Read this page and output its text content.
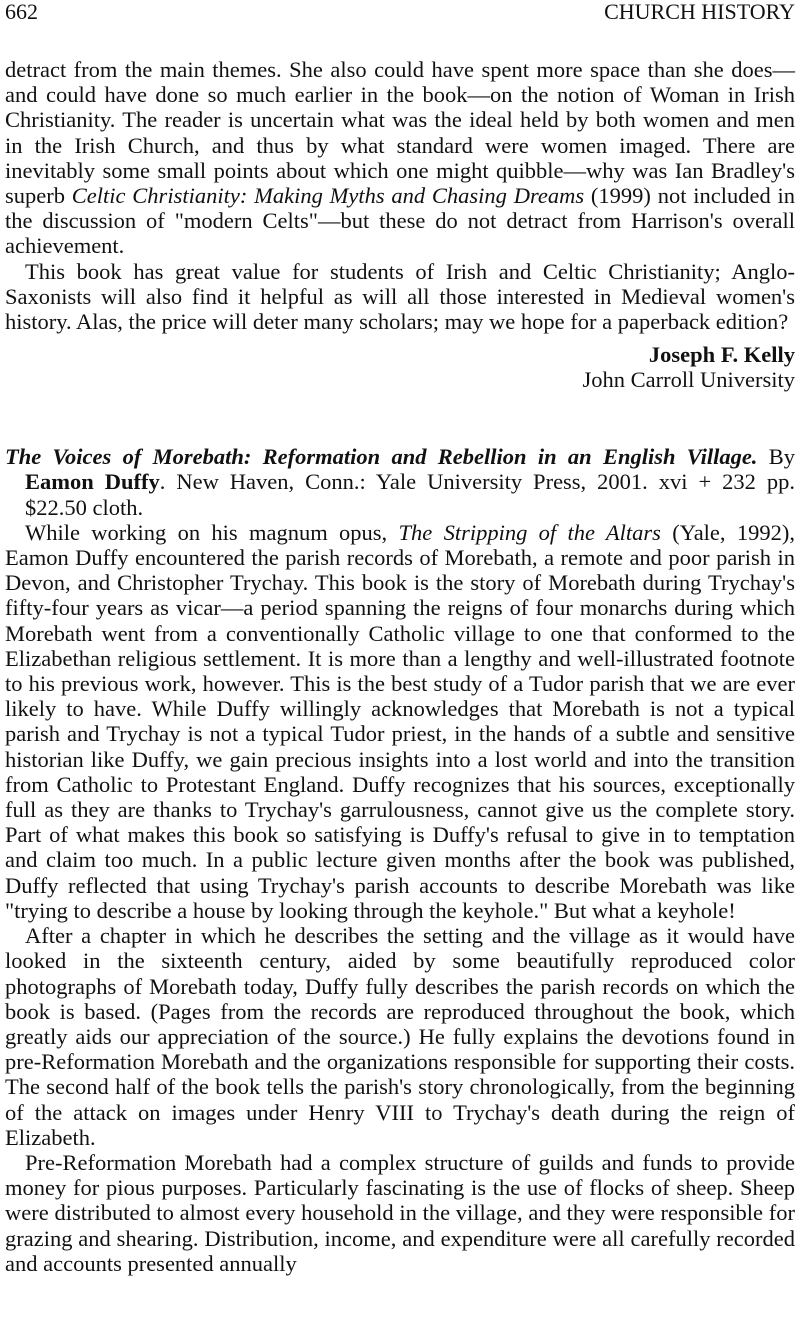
662	CHURCH HISTORY

detract from the main themes. She also could have spent more space than she does—and could have done so much earlier in the book—on the notion of Woman in Irish Christianity. The reader is uncertain what was the ideal held by both women and men in the Irish Church, and thus by what standard were women imaged. There are inevitably some small points about which one might quibble—why was Ian Bradley's superb Celtic Christianity: Making Myths and Chasing Dreams (1999) not included in the discussion of "modern Celts"—but these do not detract from Harrison's overall achievement.

This book has great value for students of Irish and Celtic Christianity; Anglo-Saxonists will also find it helpful as will all those interested in Medieval women's history. Alas, the price will deter many scholars; may we hope for a paperback edition?

Joseph F. Kelly
John Carroll University
The Voices of Morebath: Reformation and Rebellion in an English Village. By Eamon Duffy. New Haven, Conn.: Yale University Press, 2001. xvi + 232 pp. $22.50 cloth.

While working on his magnum opus, The Stripping of the Altars (Yale, 1992), Eamon Duffy encountered the parish records of Morebath, a remote and poor parish in Devon, and Christopher Trychay. This book is the story of Morebath during Trychay's fifty-four years as vicar—a period spanning the reigns of four monarchs during which Morebath went from a conventionally Catholic village to one that conformed to the Elizabethan religious settlement. It is more than a lengthy and well-illustrated footnote to his previous work, however. This is the best study of a Tudor parish that we are ever likely to have. While Duffy willingly acknowledges that Morebath is not a typical parish and Trychay is not a typical Tudor priest, in the hands of a subtle and sensitive historian like Duffy, we gain precious insights into a lost world and into the transition from Catholic to Protestant England. Duffy recognizes that his sources, exceptionally full as they are thanks to Trychay's garrulousness, cannot give us the complete story. Part of what makes this book so satisfying is Duffy's refusal to give in to temptation and claim too much. In a public lecture given months after the book was published, Duffy reflected that using Trychay's parish accounts to describe Morebath was like "trying to describe a house by looking through the keyhole." But what a keyhole!

After a chapter in which he describes the setting and the village as it would have looked in the sixteenth century, aided by some beautifully reproduced color photographs of Morebath today, Duffy fully describes the parish records on which the book is based. (Pages from the records are reproduced throughout the book, which greatly aids our appreciation of the source.) He fully explains the devotions found in pre-Reformation Morebath and the organizations responsible for supporting their costs. The second half of the book tells the parish's story chronologically, from the beginning of the attack on images under Henry VIII to Trychay's death during the reign of Elizabeth.

Pre-Reformation Morebath had a complex structure of guilds and funds to provide money for pious purposes. Particularly fascinating is the use of flocks of sheep. Sheep were distributed to almost every household in the village, and they were responsible for grazing and shearing. Distribution, income, and expenditure were all carefully recorded and accounts presented annually
